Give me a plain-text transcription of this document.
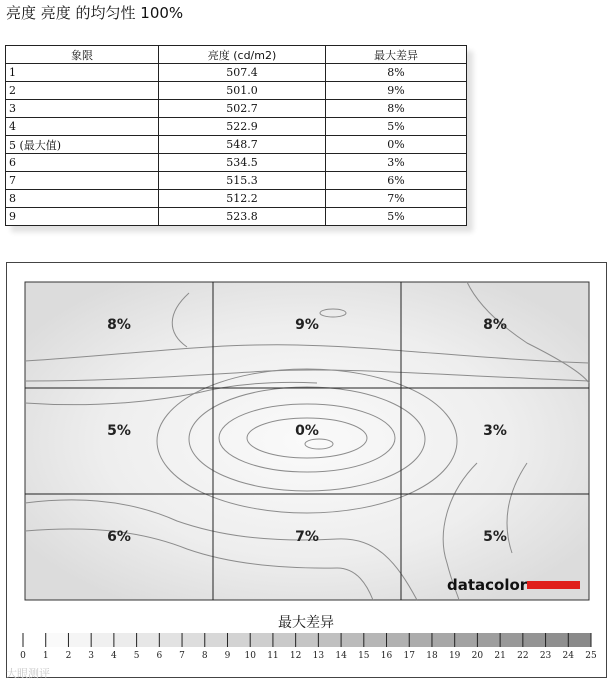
亮度 亮度 的均匀性 100%
象限	亮度 (cd/m2)	最大差异
1	507.4	8%
2	501.0	9%
3	502.7	8%
4	522.9	5%
5 (最大值)	548.7	0%
6	534.5	3%
7	515.3	6%
8	512.2	7%
9	523.8	5%
8%	9%	8%
5%	0%	3%
6%	7%	5%
datacolor
最大差异
0 1 2 3 4 5 6 7 8 9 10 11 12 13 14 15 16 17 18 19 20 21 22 23 24 25
大眼测评
